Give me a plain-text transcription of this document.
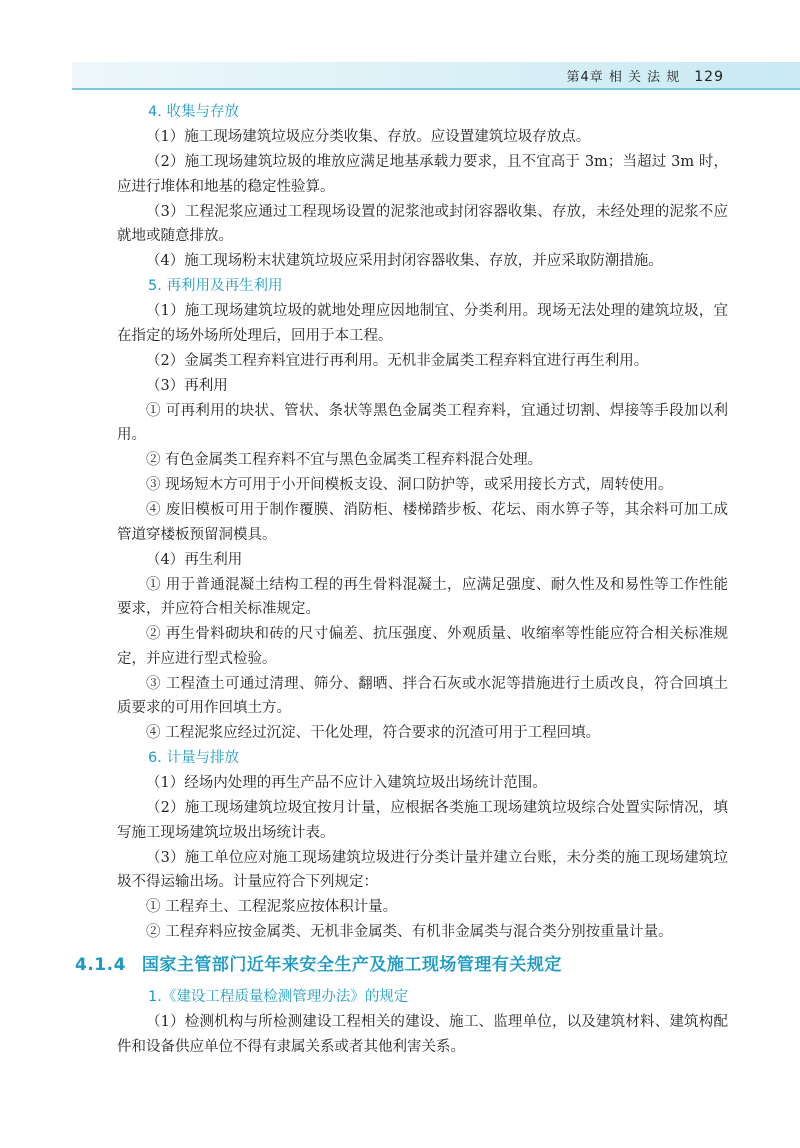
第4章 相 关 法 规 129
4. 收集与存放

（1）施工现场建筑垃圾应分类收集、存放。应设置建筑垃圾存放点。

（2）施工现场建筑垃圾的堆放应满足地基承载力要求，且不宜高于 3m；当超过 3m 时，应进行堆体和地基的稳定性验算。

（3）工程泥浆应通过工程现场设置的泥浆池或封闭容器收集、存放，未经处理的泥浆不应就地或随意排放。

（4）施工现场粉末状建筑垃圾应采用封闭容器收集、存放，并应采取防潮措施。

5. 再利用及再生利用

（1）施工现场建筑垃圾的就地处理应因地制宜、分类利用。现场无法处理的建筑垃圾，宜在指定的场外场所处理后，回用于本工程。

（2）金属类工程弃料宜进行再利用。无机非金属类工程弃料宜进行再生利用。

（3）再利用

① 可再利用的块状、管状、条状等黑色金属类工程弃料，宜通过切割、焊接等手段加以利用。

② 有色金属类工程弃料不宜与黑色金属类工程弃料混合处理。

③ 现场短木方可用于小开间模板支设、洞口防护等，或采用接长方式，周转使用。

④ 废旧模板可用于制作覆膜、消防柜、楼梯踏步板、花坛、雨水箅子等，其余料可加工成管道穿楼板预留洞模具。

（4）再生利用

① 用于普通混凝土结构工程的再生骨料混凝土，应满足强度、耐久性及和易性等工作性能要求，并应符合相关标准规定。

② 再生骨料砌块和砖的尺寸偏差、抗压强度、外观质量、收缩率等性能应符合相关标准规定，并应进行型式检验。

③ 工程渣土可通过清理、筛分、翻晒、拌合石灰或水泥等措施进行土质改良，符合回填土质要求的可用作回填土方。

④ 工程泥浆应经过沉淀、干化处理，符合要求的沉渣可用于工程回填。

6. 计量与排放

（1）经场内处理的再生产品不应计入建筑垃圾出场统计范围。

（2）施工现场建筑垃圾宜按月计量，应根据各类施工现场建筑垃圾综合处置实际情况，填写施工现场建筑垃圾出场统计表。

（3）施工单位应对施工现场建筑垃圾进行分类计量并建立台账，未分类的施工现场建筑垃圾不得运输出场。计量应符合下列规定：

① 工程弃土、工程泥浆应按体积计量。

② 工程弃料应按金属类、无机非金属类、有机非金属类与混合类分别按重量计量。

4.1.4 国家主管部门近年来安全生产及施工现场管理有关规定
1.《建设工程质量检测管理办法》的规定

（1）检测机构与所检测建设工程相关的建设、施工、监理单位，以及建筑材料、建筑构配件和设备供应单位不得有隶属关系或者其他利害关系。
